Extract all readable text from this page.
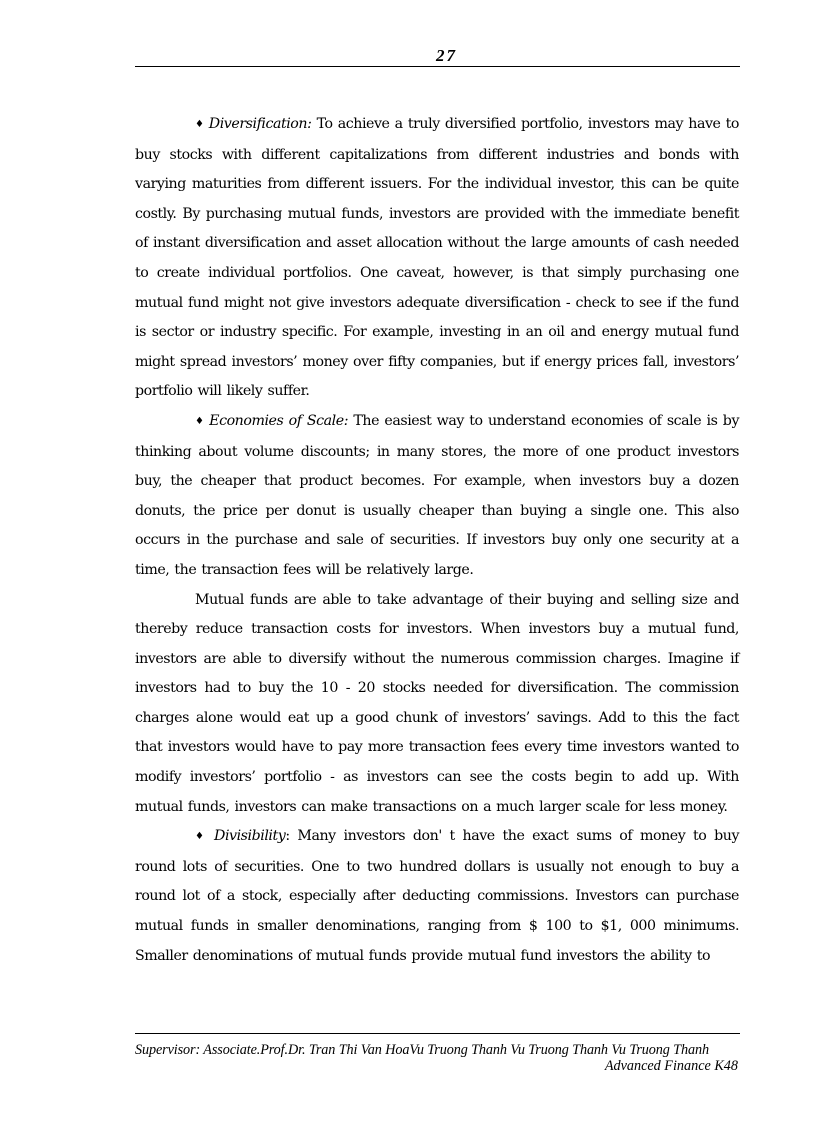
27

♦ Diversification: To achieve a truly diversified portfolio, investors may have to buy stocks with different capitalizations from different industries and bonds with varying maturities from different issuers. For the individual investor, this can be quite costly. By purchasing mutual funds, investors are provided with the immediate benefit of instant diversification and asset allocation without the large amounts of cash needed to create individual portfolios. One caveat, however, is that simply purchasing one mutual fund might not give investors adequate diversification - check to see if the fund is sector or industry specific. For example, investing in an oil and energy mutual fund might spread investors’ money over fifty companies, but if energy prices fall, investors’ portfolio will likely suffer.

♦ Economies of Scale: The easiest way to understand economies of scale is by thinking about volume discounts; in many stores, the more of one product investors buy, the cheaper that product becomes. For example, when investors buy a dozen donuts, the price per donut is usually cheaper than buying a single one. This also occurs in the purchase and sale of securities. If investors buy only one security at a time, the transaction fees will be relatively large.

Mutual funds are able to take advantage of their buying and selling size and thereby reduce transaction costs for investors. When investors buy a mutual fund, investors are able to diversify without the numerous commission charges. Imagine if investors had to buy the 10 - 20 stocks needed for diversification. The commission charges alone would eat up a good chunk of investors’ savings. Add to this the fact that investors would have to pay more transaction fees every time investors wanted to modify investors’ portfolio - as investors can see the costs begin to add up. With mutual funds, investors can make transactions on a much larger scale for less money.

♦ Divisibility: Many investors don' t have the exact sums of money to buy round lots of securities. One to two hundred dollars is usually not enough to buy a round lot of a stock, especially after deducting commissions. Investors can purchase mutual funds in smaller denominations, ranging from $ 100 to $1, 000 minimums. Smaller denominations of mutual funds provide mutual fund investors the ability to

Supervisor: Associate.Prof.Dr. Tran Thi Van HoaVu Truong Thanh Vu Truong Thanh Vu Truong Thanh
Advanced Finance K48
